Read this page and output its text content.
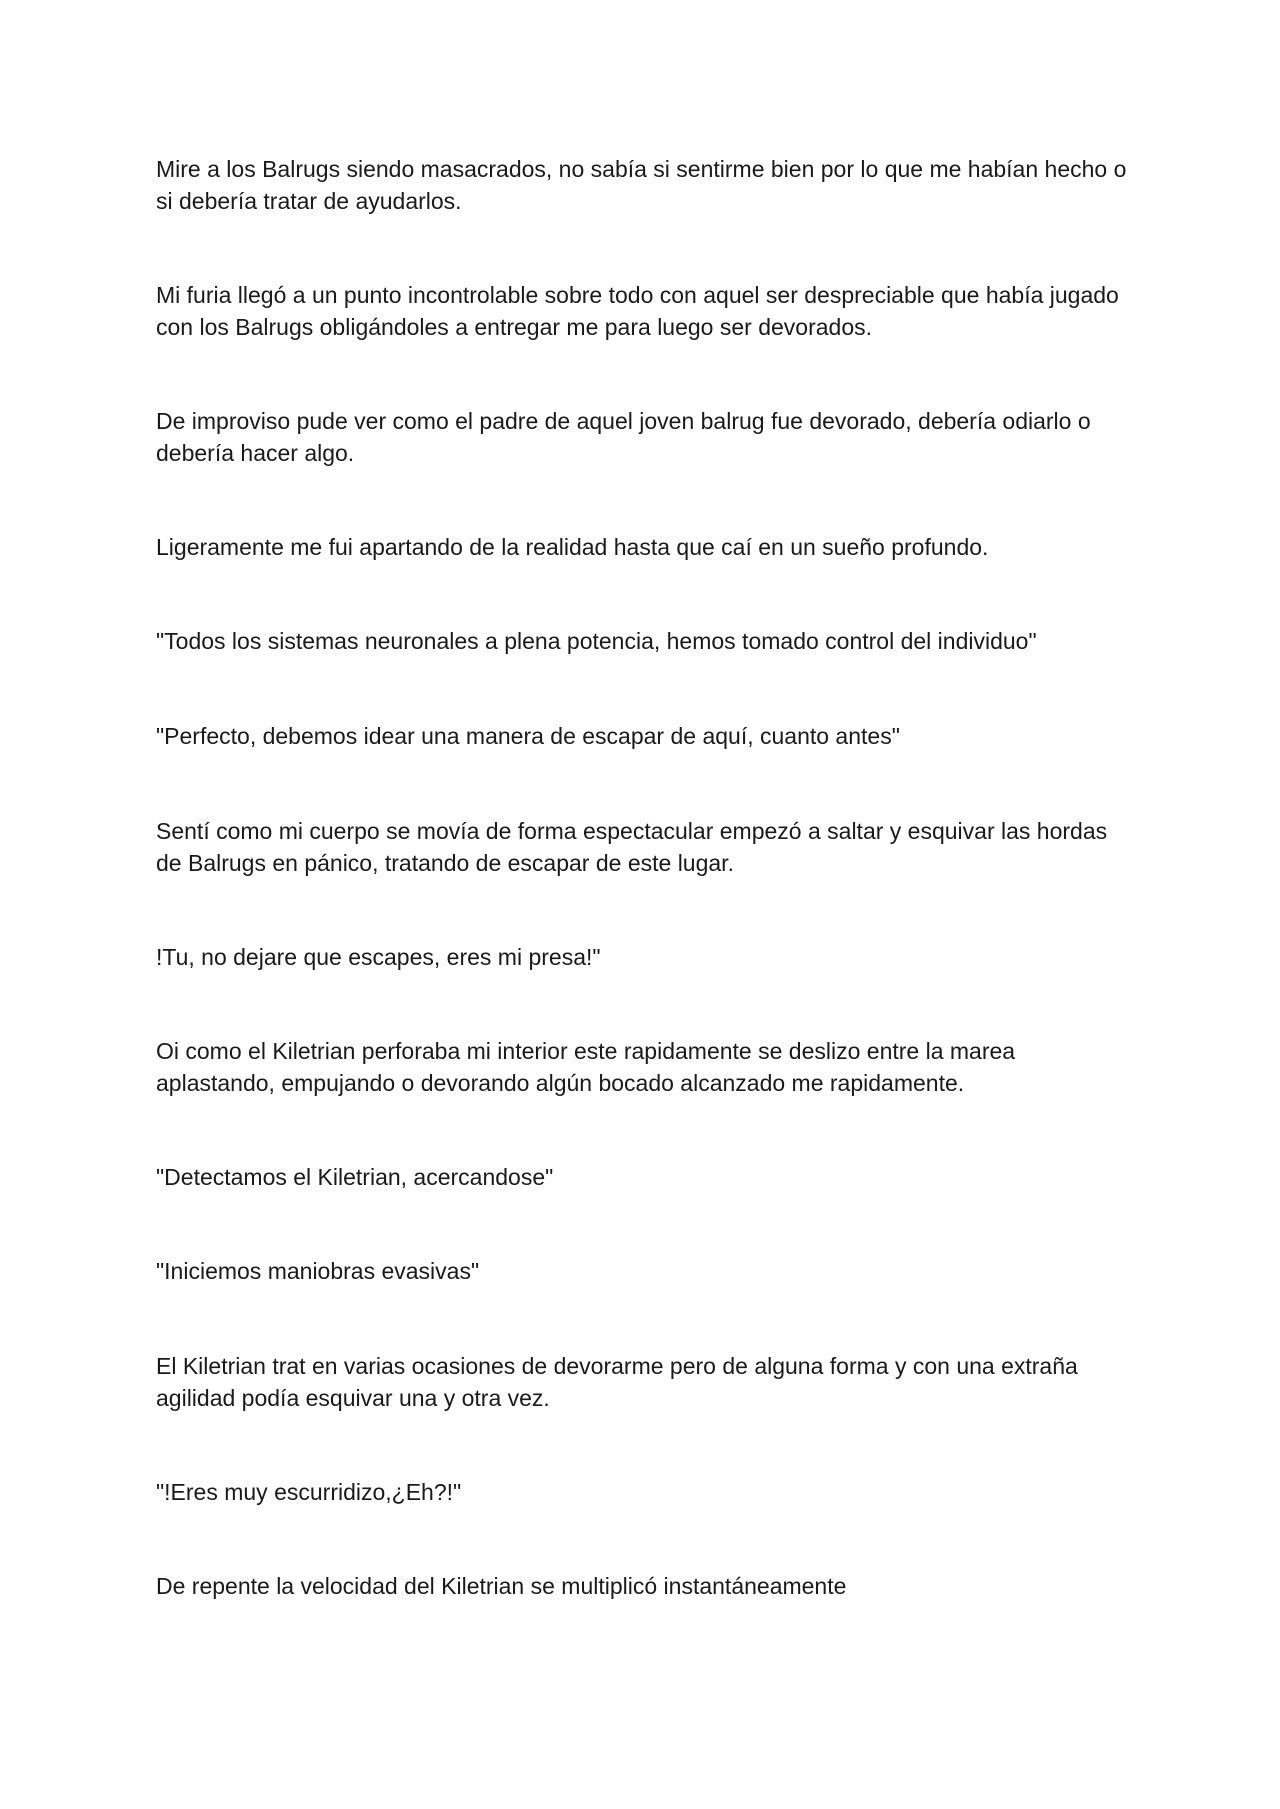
Mire a los Balrugs siendo masacrados, no sabía si sentirme bien por lo que me habían hecho o si debería tratar de ayudarlos.

Mi furia llegó a un punto incontrolable sobre todo con aquel ser despreciable que había jugado con los Balrugs obligándoles a entregar me para luego ser devorados.

De improviso pude ver como el padre de aquel joven balrug fue devorado, debería odiarlo o debería hacer algo.

Ligeramente me fui apartando de la realidad hasta que caí en un sueño profundo.

"Todos los sistemas neuronales a plena potencia, hemos tomado control del individuo"

"Perfecto, debemos idear una manera de escapar de aquí, cuanto antes"

Sentí como mi cuerpo se movía de forma espectacular empezó a saltar y esquivar las hordas de Balrugs en pánico, tratando de escapar de este lugar.

!Tu, no dejare que escapes, eres mi presa!"

Oi como el Kiletrian perforaba mi interior este rapidamente se deslizo entre la marea aplastando, empujando o devorando algún bocado alcanzado me rapidamente.

"Detectamos el Kiletrian, acercandose"

"Iniciemos maniobras evasivas"

El Kiletrian trat en varias ocasiones de devorarme pero de alguna forma y con una extraña agilidad podía esquivar una y otra vez.

"!Eres muy escurridizo,¿Eh?!"

De repente la velocidad del Kiletrian se multiplicó instantáneamente
